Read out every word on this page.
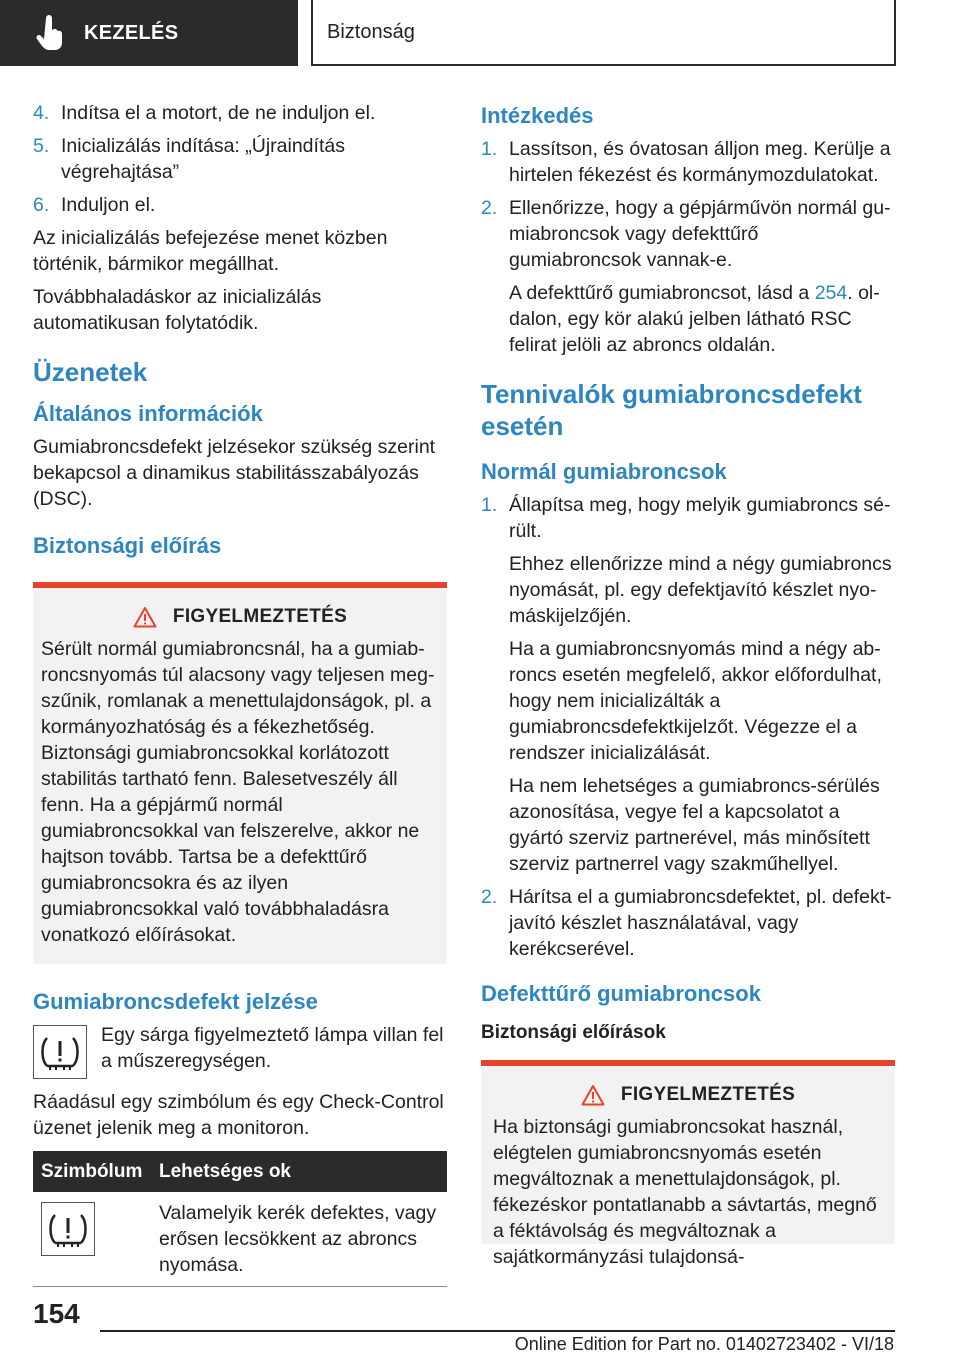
KEZELÉS	Biztonság
4. Indítsa el a motort, de ne induljon el.
5. Inicializálás indítása: „Újraindítás végrehajtása”
6. Induljon el.

Az inicializálás befejezése menet közben történik, bármikor megállhat.

Továbbhaladáskor az inicializálás automatikusan folytatódik.

Üzenetek
Általános információk

Gumiabroncsdefekt jelzésekor szükség szerint bekapcsol a dinamikus stabilitásszabályozás (DSC).

Biztonsági előírás
FIGYELMEZTETÉS

Sérült normál gumiabroncsnál, ha a gumiabroncsnyomás túl alacsony vagy teljesen megszűnik, romlanak a menettulajdonságok, pl. a kormányozhatóság és a fékezhetőség. Biztonsági gumiabroncsokkal korlátozott stabilitás tartható fenn. Balesetveszély áll fenn. Ha a gépjármű normál gumiabroncsokkal van felszerelve, akkor ne hajtson tovább. Tartsa be a defekttűrő gumiabroncsokra és az ilyen gumiabroncsokkal való továbbhaladásra vonatkozó előírásokat.

Gumiabroncsdefekt jelzése

Egy sárga figyelmeztető lámpa villan fel a műszeregységen.

Ráadásul egy szimbólum és egy Check-Control üzenet jelenik meg a monitoron.

Szimbólum	Lehetséges ok

	Valamelyik kerék defektes, vagy erősen lecsökkent az abroncs nyomása.
Intézkedés
1. Lassítson, és óvatosan álljon meg. Kerülje a hirtelen fékezést és kormánymozdulatokat.
2. Ellenőrizze, hogy a gépjárművön normál gumiabroncsok vagy defekttűrő gumiabroncsok vannak-e.

A defekttűrő gumiabroncsot, lásd a 254. oldalon, egy kör alakú jelben látható RSC felirat jelöli az abroncs oldalán.

Tennivalók gumiabroncsdefekt esetén
Normál gumiabroncsok
1. Állapítsa meg, hogy melyik gumiabroncs sérült.

Ehhez ellenőrizze mind a négy gumiabroncs nyomását, pl. egy defektjavító készlet nyomáskijelzőjén.

Ha a gumiabroncsnyomás mind a négy abroncs esetén megfelelő, akkor előfordulhat, hogy nem inicializálták a gumiabroncsdefektkijelzőt. Végezze el a rendszer inicializálását.

Ha nem lehetséges a gumiabroncs-sérülés azonosítása, vegye fel a kapcsolatot a gyártó szerviz partnerével, más minősített szerviz partnerrel vagy szakműhellyel.

2. Hárítsa el a gumiabroncsdefektet, pl. defektjavító készlet használatával, vagy kerékcserével.
Defekttűrő gumiabroncsok
Biztonsági előírások
FIGYELMEZTETÉS

Ha biztonsági gumiabroncsokat használ, elégtelen gumiabroncsnyomás esetén megváltoznak a menettulajdonságok, pl. fékezéskor pontatlanabb a sávtartás, megnő a féktávolság és megváltoznak a sajátkormányzási tulajdonsá-

154
Online Edition for Part no. 01402723402 - VI/18
